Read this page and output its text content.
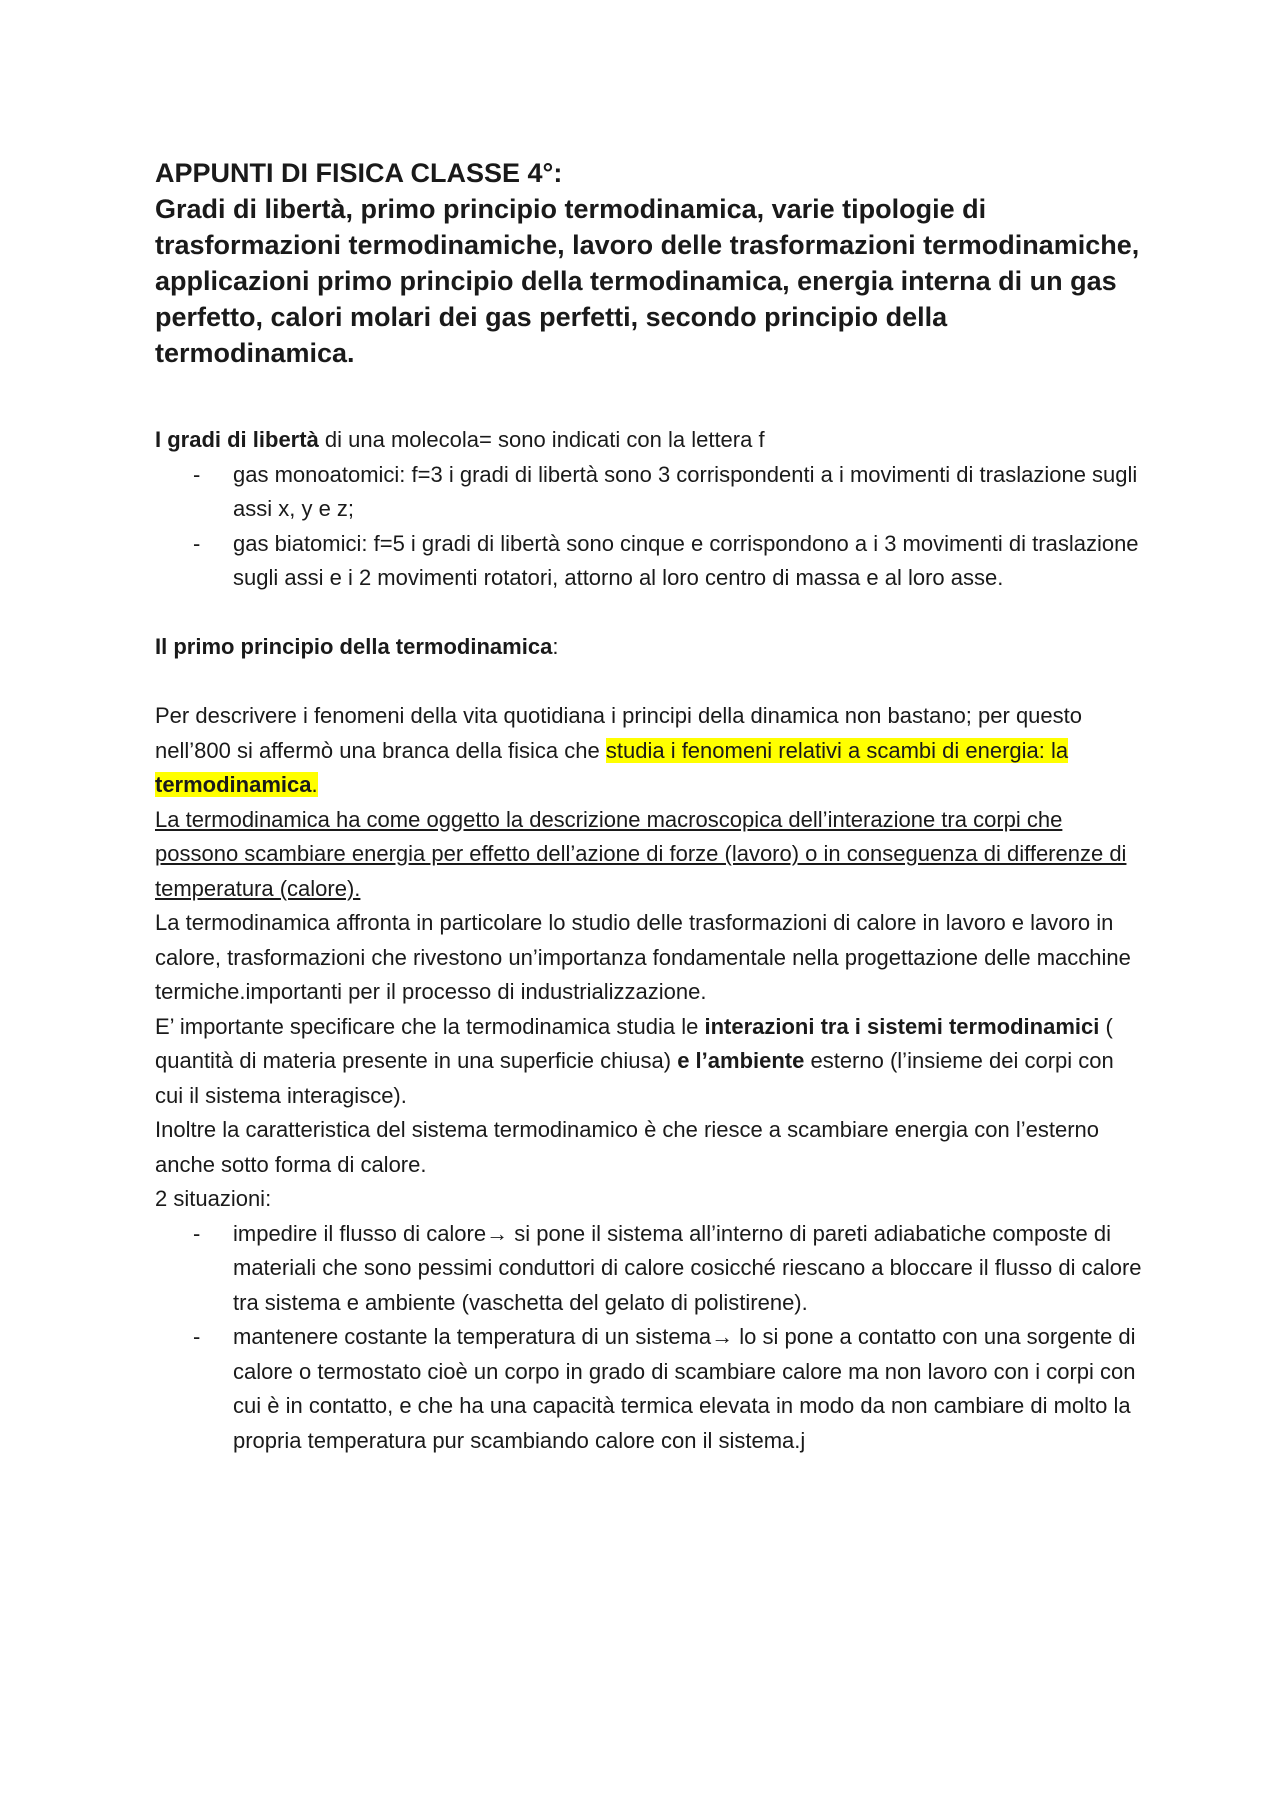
APPUNTI DI FISICA CLASSE 4°:
Gradi di libertà, primo principio termodinamica, varie tipologie di trasformazioni termodinamiche, lavoro delle trasformazioni termodinamiche, applicazioni primo principio della termodinamica, energia interna di un gas perfetto, calori molari dei gas perfetti, secondo principio della termodinamica.

I gradi di libertà di una molecola= sono indicati con la lettera f

- gas monoatomici: f=3 i gradi di libertà sono 3 corrispondenti a i movimenti di traslazione sugli assi x, y e z;
- gas biatomici: f=5 i gradi di libertà sono cinque e corrispondono a i 3 movimenti di traslazione sugli assi e i 2 movimenti rotatori, attorno al loro centro di massa e al loro asse.

Il primo principio della termodinamica:

Per descrivere i fenomeni della vita quotidiana i principi della dinamica non bastano; per questo nell’800 si affermò una branca della fisica che studia i fenomeni relativi a scambi di energia: la termodinamica.

La termodinamica ha come oggetto la descrizione macroscopica dell’interazione tra corpi che possono scambiare energia per effetto dell’azione di forze (lavoro) o in conseguenza di differenze di temperatura (calore).

La termodinamica affronta in particolare lo studio delle trasformazioni di calore in lavoro e lavoro in calore, trasformazioni che rivestono un’importanza fondamentale nella progettazione delle macchine termiche.importanti per il processo di industrializzazione.

E’ importante specificare che la termodinamica studia le interazioni tra i sistemi termodinamici ( quantità di materia presente in una superficie chiusa) e l’ambiente esterno (l’insieme dei corpi con cui il sistema interagisce).

Inoltre la caratteristica del sistema termodinamico è che riesce a scambiare energia con l’esterno anche sotto forma di calore.

2 situazioni:

- impedire il flusso di calore→ si pone il sistema all’interno di pareti adiabatiche composte di materiali che sono pessimi conduttori di calore cosicché riescano a bloccare il flusso di calore tra sistema e ambiente (vaschetta del gelato di polistirene).
- mantenere costante la temperatura di un sistema→ lo si pone a contatto con una sorgente di calore o termostato cioè un corpo in grado di scambiare calore ma non lavoro con i corpi con cui è in contatto, e che ha una capacità termica elevata in modo da non cambiare di molto la propria temperatura pur scambiando calore con il sistema.j
